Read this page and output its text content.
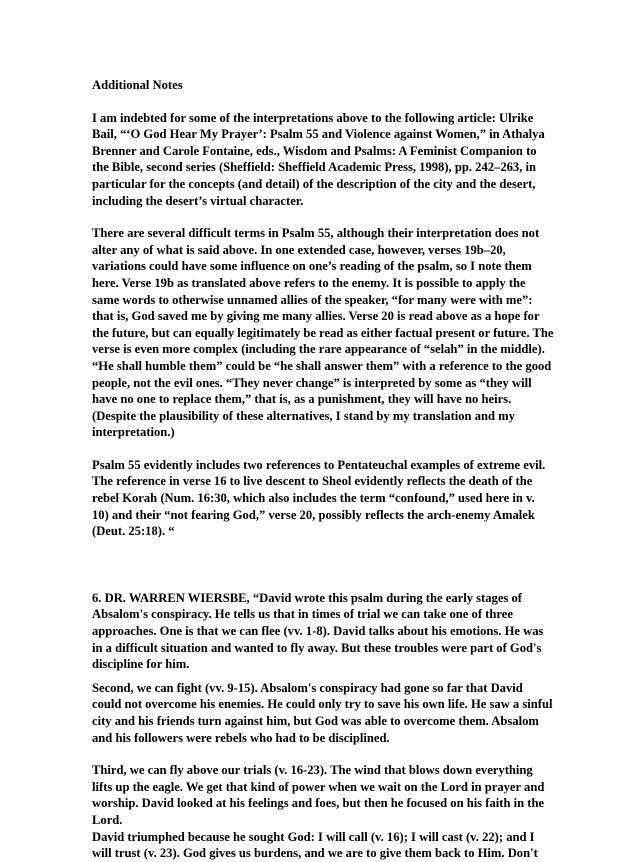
Additional Notes

I am indebted for some of the interpretations above to the following article: Ulrike Bail, “‘O God Hear My Prayer’: Psalm 55 and Violence against Women,” in Athalya Brenner and Carole Fontaine, eds., Wisdom and Psalms: A Feminist Companion to the Bible, second series (Sheffield: Sheffield Academic Press, 1998), pp. 242–263, in particular for the concepts (and detail) of the description of the city and the desert, including the desert’s virtual character.

There are several difficult terms in Psalm 55, although their interpretation does not alter any of what is said above. In one extended case, however, verses 19b–20, variations could have some influence on one’s reading of the psalm, so I note them here. Verse 19b as translated above refers to the enemy. It is possible to apply the same words to otherwise unnamed allies of the speaker, “for many were with me”: that is, God saved me by giving me many allies. Verse 20 is read above as a hope for the future, but can equally legitimately be read as either factual present or future. The verse is even more complex (including the rare appearance of “selah” in the middle). “He shall humble them” could be “he shall answer them” with a reference to the good people, not the evil ones. “They never change” is interpreted by some as “they will have no one to replace them,” that is, as a punishment, they will have no heirs. (Despite the plausibility of these alternatives, I stand by my translation and my interpretation.)

Psalm 55 evidently includes two references to Pentateuchal examples of extreme evil. The reference in verse 16 to live descent to Sheol evidently reflects the death of the rebel Korah (Num. 16:30, which also includes the term “confound,” used here in v. 10) and their “not fearing God,” verse 20, possibly reflects the arch-enemy Amalek (Deut. 25:18). “

6. DR. WARREN WIERSBE, “David wrote this psalm during the early stages of Absalom's conspiracy. He tells us that in times of trial we can take one of three approaches. One is that we can flee (vv. 1-8). David talks about his emotions. He was in a difficult situation and wanted to fly away. But these troubles were part of God's discipline for him.

Second, we can fight (vv. 9-15). Absalom's conspiracy had gone so far that David could not overcome his enemies. He could only try to save his own life. He saw a sinful city and his friends turn against him, but God was able to overcome them. Absalom and his followers were rebels who had to be disciplined.

Third, we can fly above our trials (v. 16-23). The wind that blows down everything lifts up the eagle. We get that kind of power when we wait on the Lord in prayer and worship. David looked at his feelings and foes, but then he focused on his faith in the Lord.

David triumphed because he sought God: I will call (v. 16); I will cast (v. 22); and I will trust (v. 23). God gives us burdens, and we are to give them back to Him. Don't
